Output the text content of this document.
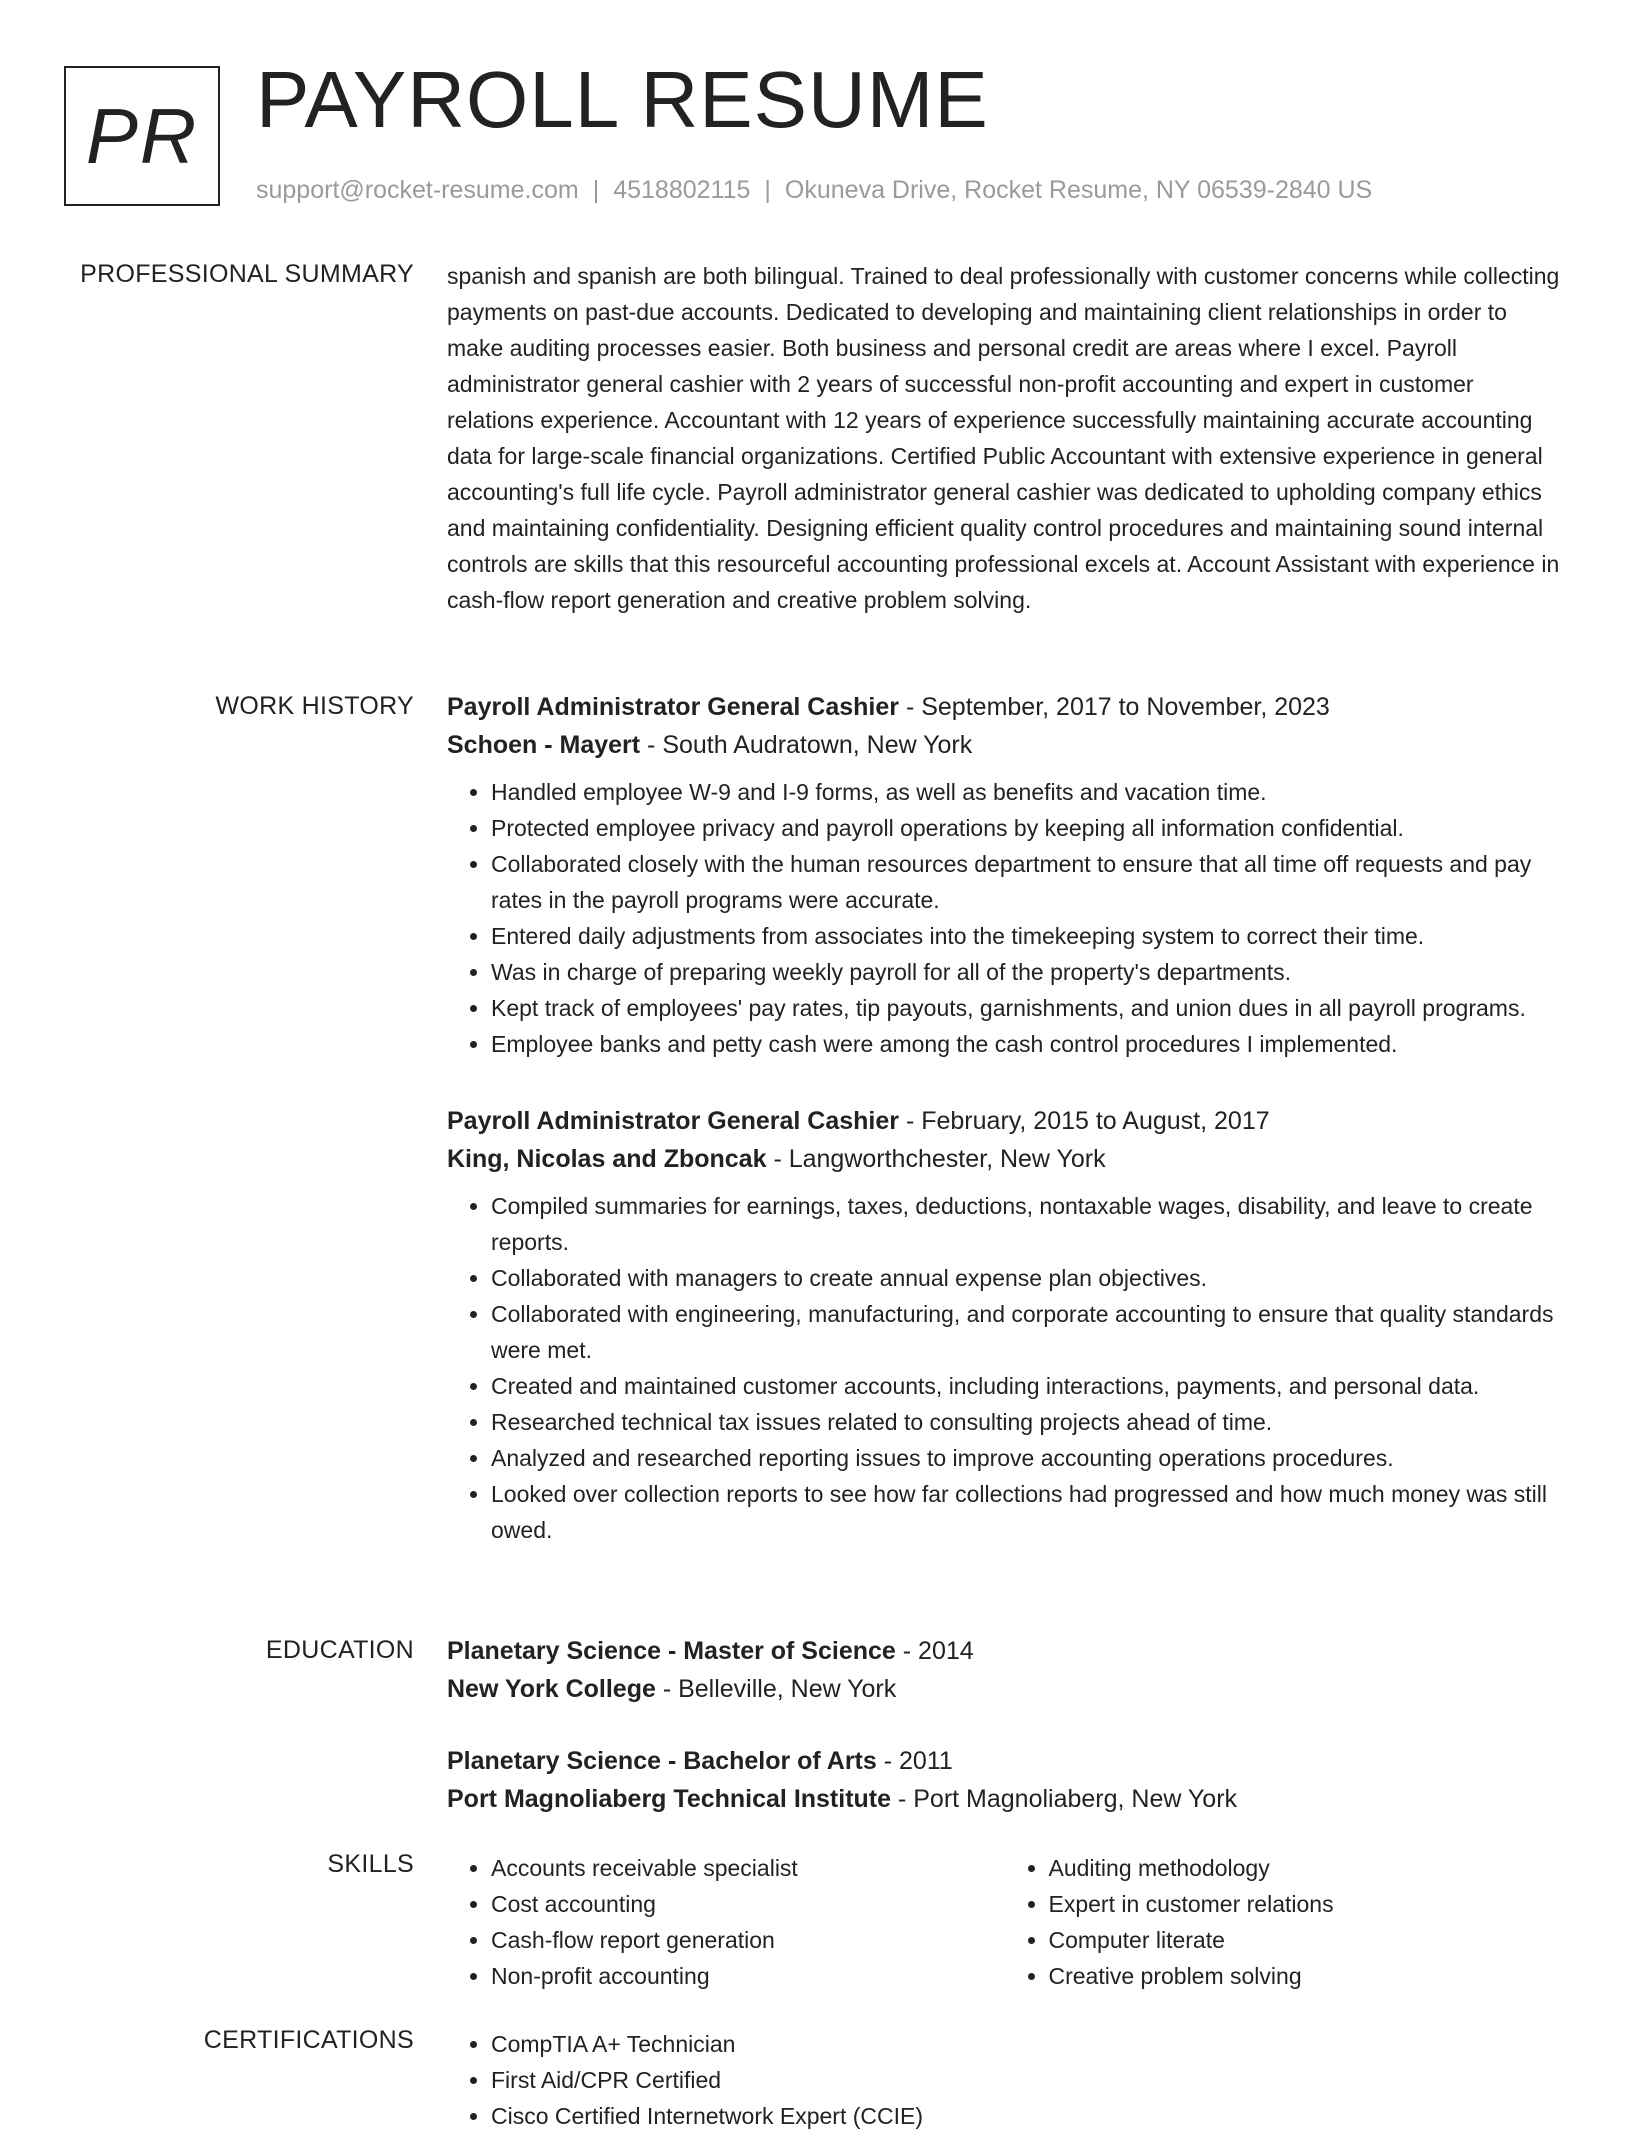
PR PAYROLL RESUME
support@rocket-resume.com | 4518802115 | Okuneva Drive, Rocket Resume, NY 06539-2840 US
PROFESSIONAL SUMMARY spanish and spanish are both bilingual. Trained to deal professionally with customer concerns while collecting payments on past-due accounts. Dedicated to developing and maintaining client relationships in order to make auditing processes easier. Both business and personal credit are areas where I excel. Payroll administrator general cashier with 2 years of successful non-profit accounting and expert in customer relations experience. Accountant with 12 years of experience successfully maintaining accurate accounting data for large-scale financial organizations. Certified Public Accountant with extensive experience in general accounting's full life cycle. Payroll administrator general cashier was dedicated to upholding company ethics and maintaining confidentiality. Designing efficient quality control procedures and maintaining sound internal controls are skills that this resourceful accounting professional excels at. Account Assistant with experience in cash-flow report generation and creative problem solving.

WORK HISTORY Payroll Administrator General Cashier - September, 2017 to November, 2023
Schoen - Mayert - South Audratown, New York
• Handled employee W-9 and I-9 forms, as well as benefits and vacation time.
• Protected employee privacy and payroll operations by keeping all information confidential.
• Collaborated closely with the human resources department to ensure that all time off requests and pay rates in the payroll programs were accurate.
• Entered daily adjustments from associates into the timekeeping system to correct their time.
• Was in charge of preparing weekly payroll for all of the property's departments.
• Kept track of employees' pay rates, tip payouts, garnishments, and union dues in all payroll programs.
• Employee banks and petty cash were among the cash control procedures I implemented.
Payroll Administrator General Cashier - February, 2015 to August, 2017
King, Nicolas and Zboncak - Langworthchester, New York
• Compiled summaries for earnings, taxes, deductions, nontaxable wages, disability, and leave to create reports.
• Collaborated with managers to create annual expense plan objectives.
• Collaborated with engineering, manufacturing, and corporate accounting to ensure that quality standards were met.
• Created and maintained customer accounts, including interactions, payments, and personal data.
• Researched technical tax issues related to consulting projects ahead of time.
• Analyzed and researched reporting issues to improve accounting operations procedures.
• Looked over collection reports to see how far collections had progressed and how much money was still owed.
EDUCATION Planetary Science - Master of Science - 2014
New York College - Belleville, New York
Planetary Science - Bachelor of Arts - 2011
Port Magnoliaberg Technical Institute - Port Magnoliaberg, New York
SKILLS	• Accounts receivable specialist
• Cost accounting
• Cash-flow report generation
• Non-profit accounting
• Auditing methodology
• Expert in customer relations
• Computer literate
• Creative problem solving
CERTIFICATIONS	• CompTIA A+ Technician
• First Aid/CPR Certified
• Cisco Certified Internetwork Expert (CCIE)
